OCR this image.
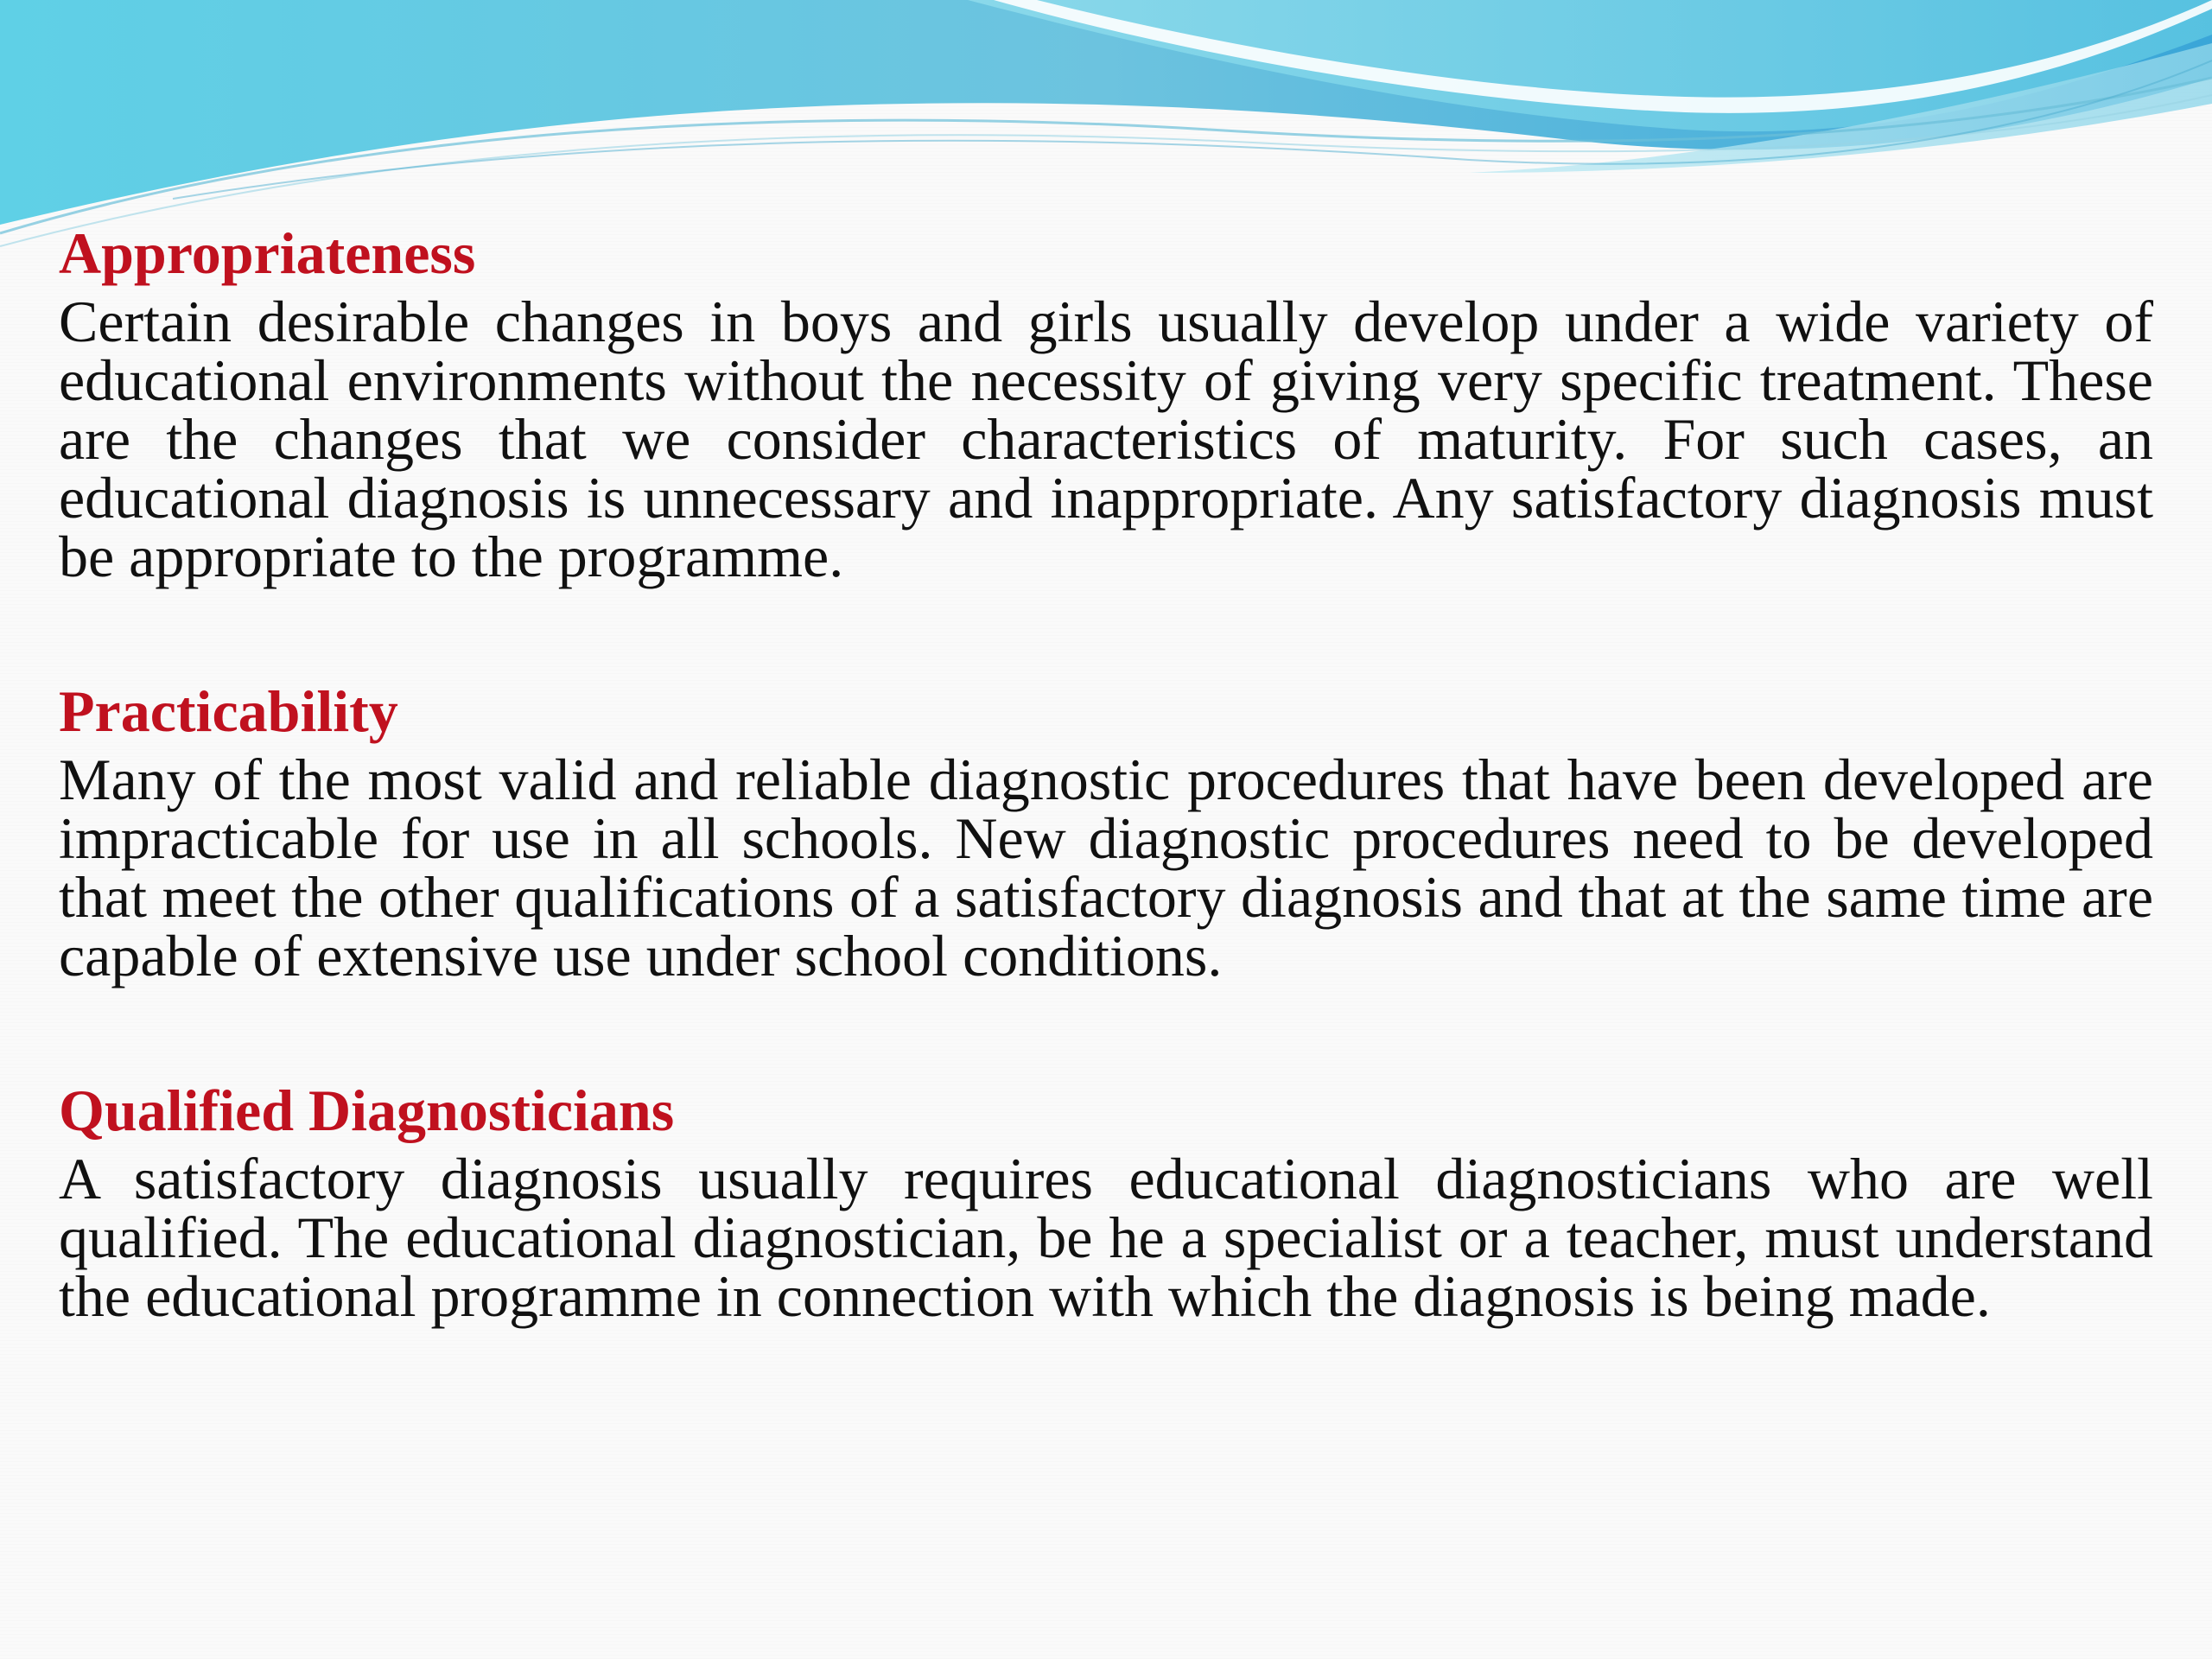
Appropriateness

Certain desirable changes in boys and girls usually develop under a wide variety of educational environments without the necessity of giving very specific treatment. These are the changes that we consider characteristics of maturity. For such cases, an educational diagnosis is unnecessary and inappropriate. Any satisfactory diagnosis must be appropriate to the programme.

Practicability

Many of the most valid and reliable diagnostic procedures that have been developed are impracticable for use in all schools. New diagnostic procedures need to be developed that meet the other qualifications of a satisfactory diagnosis and that at the same time are capable of extensive use under school conditions.

Qualified Diagnosticians

A satisfactory diagnosis usually requires educational diagnosticians who are well qualified. The educational diagnostician, be he a specialist or a teacher, must understand the educational programme in connection with which the diagnosis is being made.
